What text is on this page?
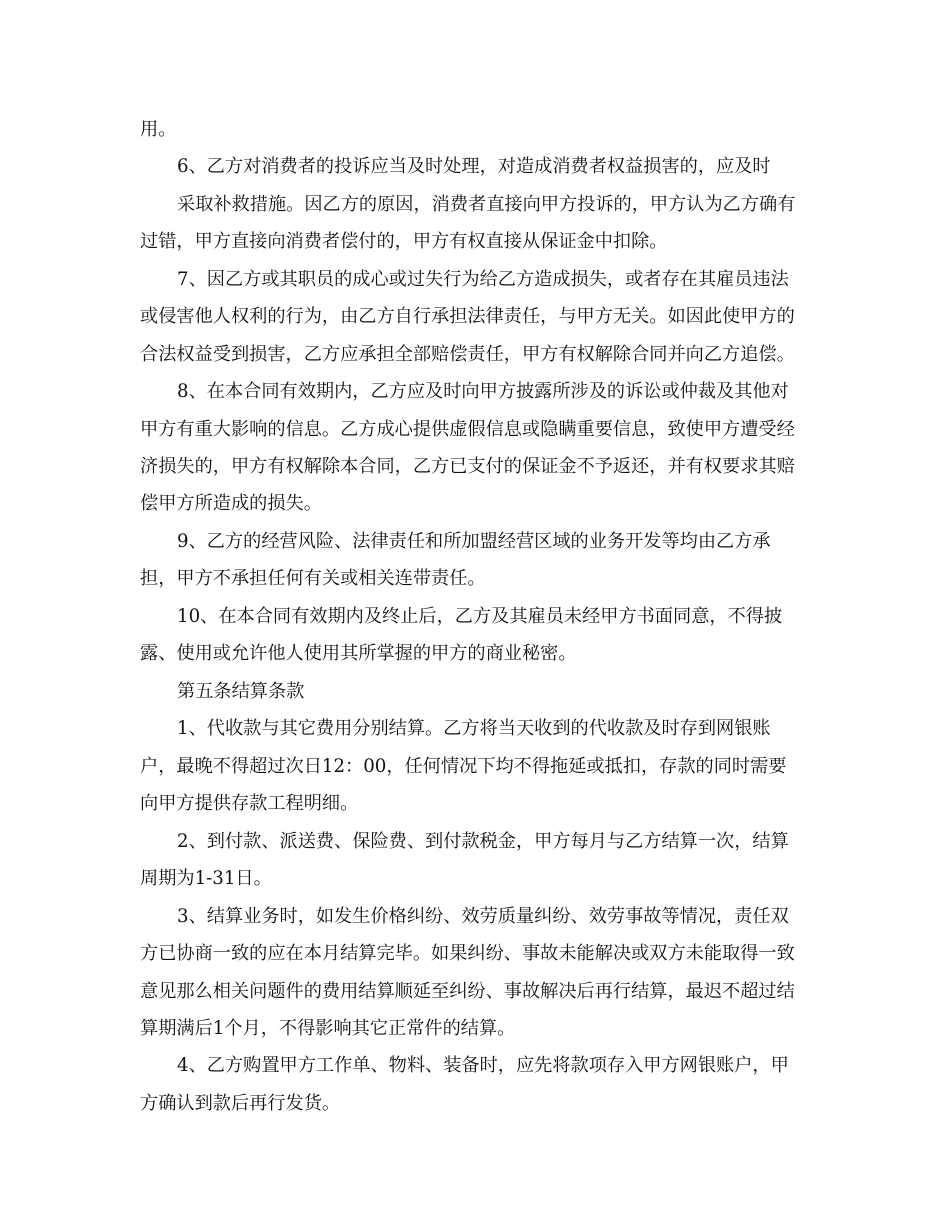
用。
6、乙方对消费者的投诉应当及时处理，对造成消费者权益损害的，应及时
采取补救措施。因乙方的原因，消费者直接向甲方投诉的，甲方认为乙方确有
过错，甲方直接向消费者偿付的，甲方有权直接从保证金中扣除。
7、因乙方或其职员的成心或过失行为给乙方造成损失，或者存在其雇员违法
或侵害他人权利的行为，由乙方自行承担法律责任，与甲方无关。如因此使甲方的
合法权益受到损害，乙方应承担全部赔偿责任，甲方有权解除合同并向乙方追偿。
8、在本合同有效期内，乙方应及时向甲方披露所涉及的诉讼或仲裁及其他对
甲方有重大影响的信息。乙方成心提供虚假信息或隐瞒重要信息，致使甲方遭受经
济损失的，甲方有权解除本合同，乙方已支付的保证金不予返还，并有权要求其赔
偿甲方所造成的损失。
9、乙方的经营风险、法律责任和所加盟经营区域的业务开发等均由乙方承
担，甲方不承担任何有关或相关连带责任。
10、在本合同有效期内及终止后，乙方及其雇员未经甲方书面同意，不得披
露、使用或允许他人使用其所掌握的甲方的商业秘密。
第五条结算条款
1、代收款与其它费用分别结算。乙方将当天收到的代收款及时存到网银账
户，最晚不得超过次日12：00，任何情况下均不得拖延或抵扣，存款的同时需要
向甲方提供存款工程明细。
2、到付款、派送费、保险费、到付款税金，甲方每月与乙方结算一次，结算
周期为1-31日。
3、结算业务时，如发生价格纠纷、效劳质量纠纷、效劳事故等情况，责任双
方已协商一致的应在本月结算完毕。如果纠纷、事故未能解决或双方未能取得一致
意见那么相关问题件的费用结算顺延至纠纷、事故解决后再行结算，最迟不超过结
算期满后1个月，不得影响其它正常件的结算。
4、乙方购置甲方工作单、物料、装备时，应先将款项存入甲方网银账户，甲
方确认到款后再行发货。
